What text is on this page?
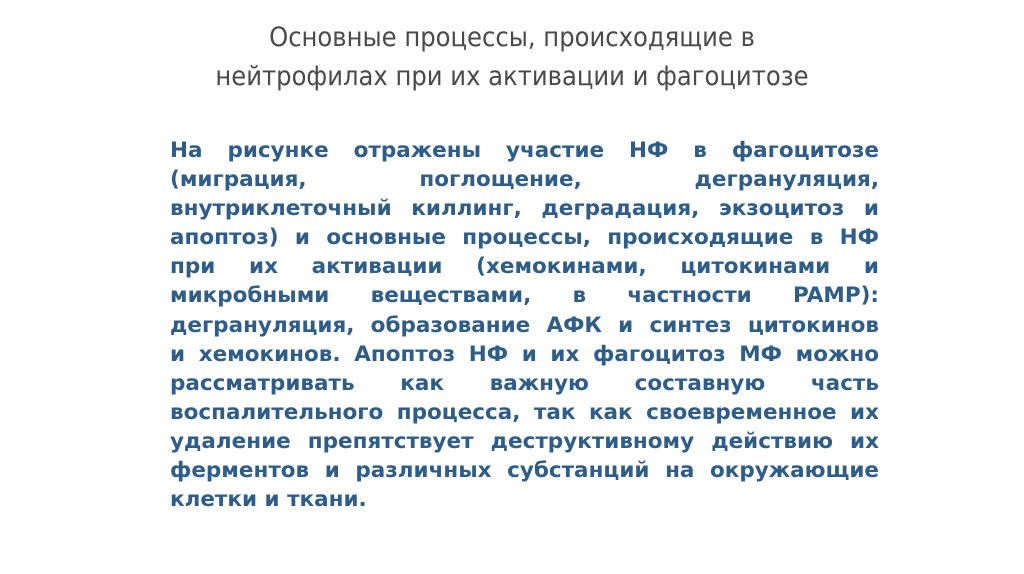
Основные процессы, происходящие в
нейтрофилах при их активации и фагоцитозе
На рисунке отражены участие НФ в фагоцитозе
(миграция, поглощение, дегрануляция,
внутриклеточный киллинг, деградация, экзоцитоз и
апоптоз) и основные процессы, происходящие в НФ
при их активации (хемокинами, цитокинами и
микробными веществами, в частности PAMP):
дегрануляция, образование АФК и синтез цитокинов
и хемокинов. Апоптоз НФ и их фагоцитоз МФ можно
рассматривать как важную составную часть
воспалительного процесса, так как своевременное их
удаление препятствует деструктивному действию их
ферментов и различных субстанций на окружающие
клетки и ткани.
